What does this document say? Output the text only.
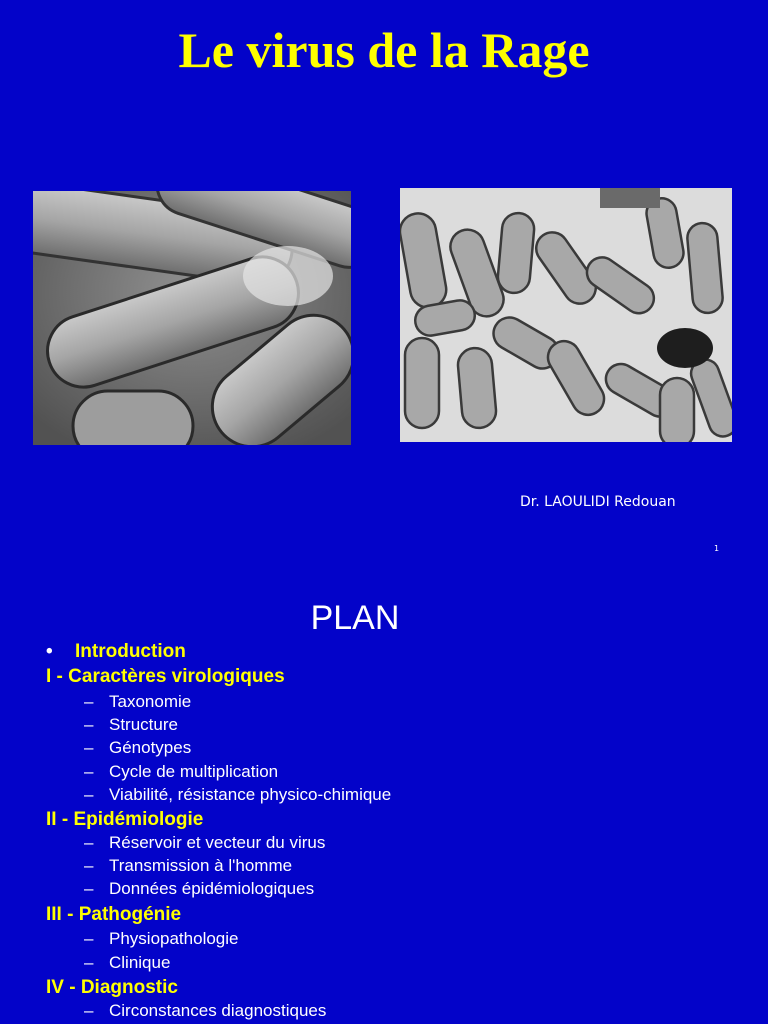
Le virus de la Rage
Dr. LAOULIDI Redouan
1
PLAN
• Introduction
I - Caractères virologiques
– Taxonomie
– Structure
– Génotypes
– Cycle de multiplication
– Viabilité, résistance physico-chimique
II - Epidémiologie
– Réservoir et vecteur du virus
– Transmission à l'homme
– Données épidémiologiques
III - Pathogénie
– Physiopathologie
– Clinique
IV - Diagnostic
– Circonstances diagnostiques
